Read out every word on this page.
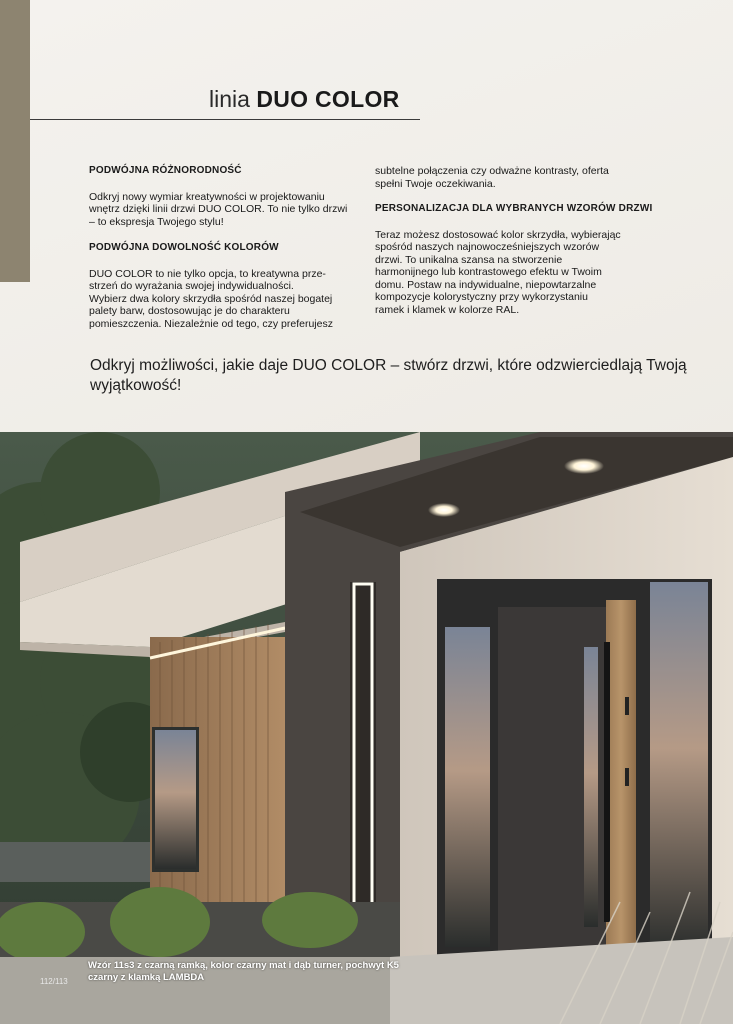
linia DUO COLOR
PODWÓJNA RÓŻNORODNOŚĆ
Odkryj nowy wymiar kreatywności w projektowaniu
wnętrz dzięki linii drzwi DUO COLOR. To nie tylko drzwi
– to ekspresja Twojego stylu!
PODWÓJNA DOWOLNOŚĆ KOLORÓW
DUO COLOR to nie tylko opcja, to kreatywna prze-
strzeń do wyrażania swojej indywidualności.
Wybierz dwa kolory skrzydła spośród naszej bogatej
palety barw, dostosowując je do charakteru
pomieszczenia. Niezależnie od tego, czy preferujesz
subtelne połączenia czy odważne kontrasty, oferta
spełni Twoje oczekiwania.
PERSONALIZACJA DLA WYBRANYCH WZORÓW DRZWI
Teraz możesz dostosować kolor skrzydła, wybierając
spośród naszych najnowocześniejszych wzorów
drzwi. To unikalna szansa na stworzenie
harmonijnego lub kontrastowego efektu w Twoim
domu. Postaw na indywidualne, niepowtarzalne
kompozycje kolorystyczny przy wykorzystaniu
ramek i klamek w kolorze RAL.

Odkryj możliwości, jakie daje DUO COLOR – stwórz drzwi, które odzwierciedlają Twoją wyjątkowość!

Wzór 11s3 z czarną ramką, kolor czarny mat i dąb turner, pochwyt K5 czarny z klamką LAMBDA

112/113
